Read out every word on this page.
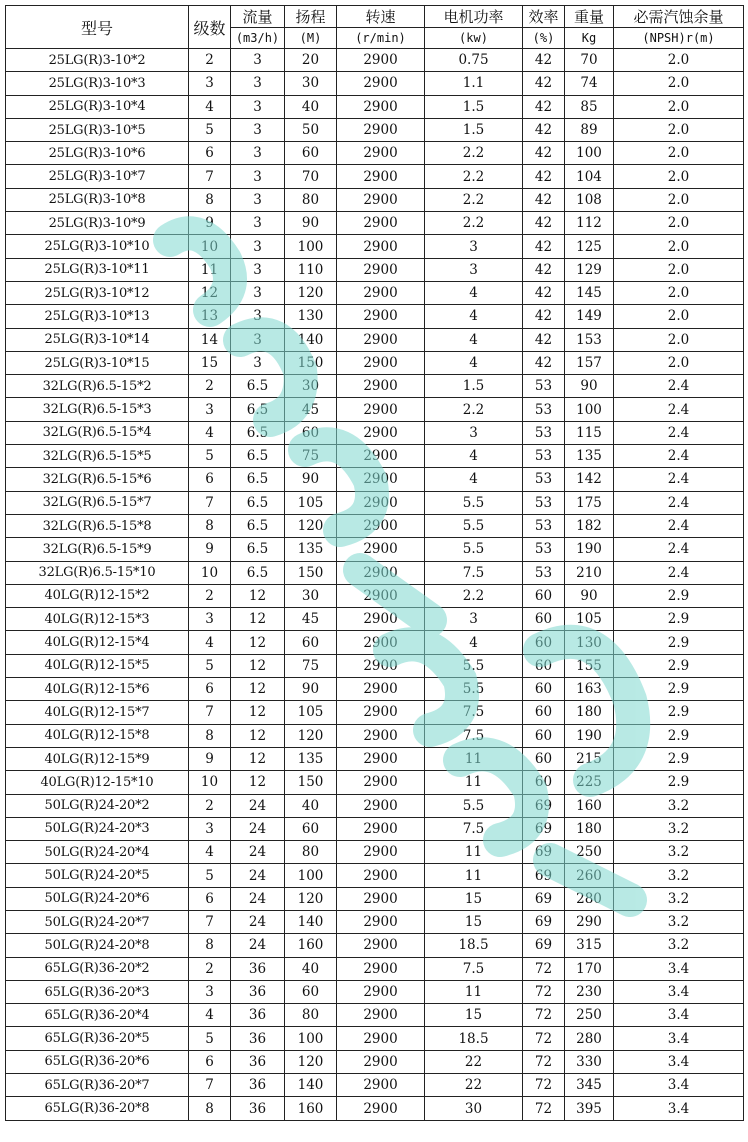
型号	级数	流量	扬程	转速	电机功率	效率	重量	必需汽蚀余量
		(m3/h)	(M)	(r/min)	(kw)	(%)	Kg	(NPSH)r(m)
25LG(R)3-10*2	2	3	20	2900	0.75	42	70	2.0
25LG(R)3-10*3	3	3	30	2900	1.1	42	74	2.0
25LG(R)3-10*4	4	3	40	2900	1.5	42	85	2.0
25LG(R)3-10*5	5	3	50	2900	1.5	42	89	2.0
25LG(R)3-10*6	6	3	60	2900	2.2	42	100	2.0
25LG(R)3-10*7	7	3	70	2900	2.2	42	104	2.0
25LG(R)3-10*8	8	3	80	2900	2.2	42	108	2.0
25LG(R)3-10*9	9	3	90	2900	2.2	42	112	2.0
25LG(R)3-10*10	10	3	100	2900	3	42	125	2.0
25LG(R)3-10*11	11	3	110	2900	3	42	129	2.0
25LG(R)3-10*12	12	3	120	2900	4	42	145	2.0
25LG(R)3-10*13	13	3	130	2900	4	42	149	2.0
25LG(R)3-10*14	14	3	140	2900	4	42	153	2.0
25LG(R)3-10*15	15	3	150	2900	4	42	157	2.0
32LG(R)6.5-15*2	2	6.5	30	2900	1.5	53	90	2.4
32LG(R)6.5-15*3	3	6.5	45	2900	2.2	53	100	2.4
32LG(R)6.5-15*4	4	6.5	60	2900	3	53	115	2.4
32LG(R)6.5-15*5	5	6.5	75	2900	4	53	135	2.4
32LG(R)6.5-15*6	6	6.5	90	2900	4	53	142	2.4
32LG(R)6.5-15*7	7	6.5	105	2900	5.5	53	175	2.4
32LG(R)6.5-15*8	8	6.5	120	2900	5.5	53	182	2.4
32LG(R)6.5-15*9	9	6.5	135	2900	5.5	53	190	2.4
32LG(R)6.5-15*10	10	6.5	150	2900	7.5	53	210	2.4
40LG(R)12-15*2	2	12	30	2900	2.2	60	90	2.9
40LG(R)12-15*3	3	12	45	2900	3	60	105	2.9
40LG(R)12-15*4	4	12	60	2900	4	60	130	2.9
40LG(R)12-15*5	5	12	75	2900	5.5	60	155	2.9
40LG(R)12-15*6	6	12	90	2900	5.5	60	163	2.9
40LG(R)12-15*7	7	12	105	2900	7.5	60	180	2.9
40LG(R)12-15*8	8	12	120	2900	7.5	60	190	2.9
40LG(R)12-15*9	9	12	135	2900	11	60	215	2.9
40LG(R)12-15*10	10	12	150	2900	11	60	225	2.9
50LG(R)24-20*2	2	24	40	2900	5.5	69	160	3.2
50LG(R)24-20*3	3	24	60	2900	7.5	69	180	3.2
50LG(R)24-20*4	4	24	80	2900	11	69	250	3.2
50LG(R)24-20*5	5	24	100	2900	11	69	260	3.2
50LG(R)24-20*6	6	24	120	2900	15	69	280	3.2
50LG(R)24-20*7	7	24	140	2900	15	69	290	3.2
50LG(R)24-20*8	8	24	160	2900	18.5	69	315	3.2
65LG(R)36-20*2	2	36	40	2900	7.5	72	170	3.4
65LG(R)36-20*3	3	36	60	2900	11	72	230	3.4
65LG(R)36-20*4	4	36	80	2900	15	72	250	3.4
65LG(R)36-20*5	5	36	100	2900	18.5	72	280	3.4
65LG(R)36-20*6	6	36	120	2900	22	72	330	3.4
65LG(R)36-20*7	7	36	140	2900	22	72	345	3.4
65LG(R)36-20*8	8	36	160	2900	30	72	395	3.4
